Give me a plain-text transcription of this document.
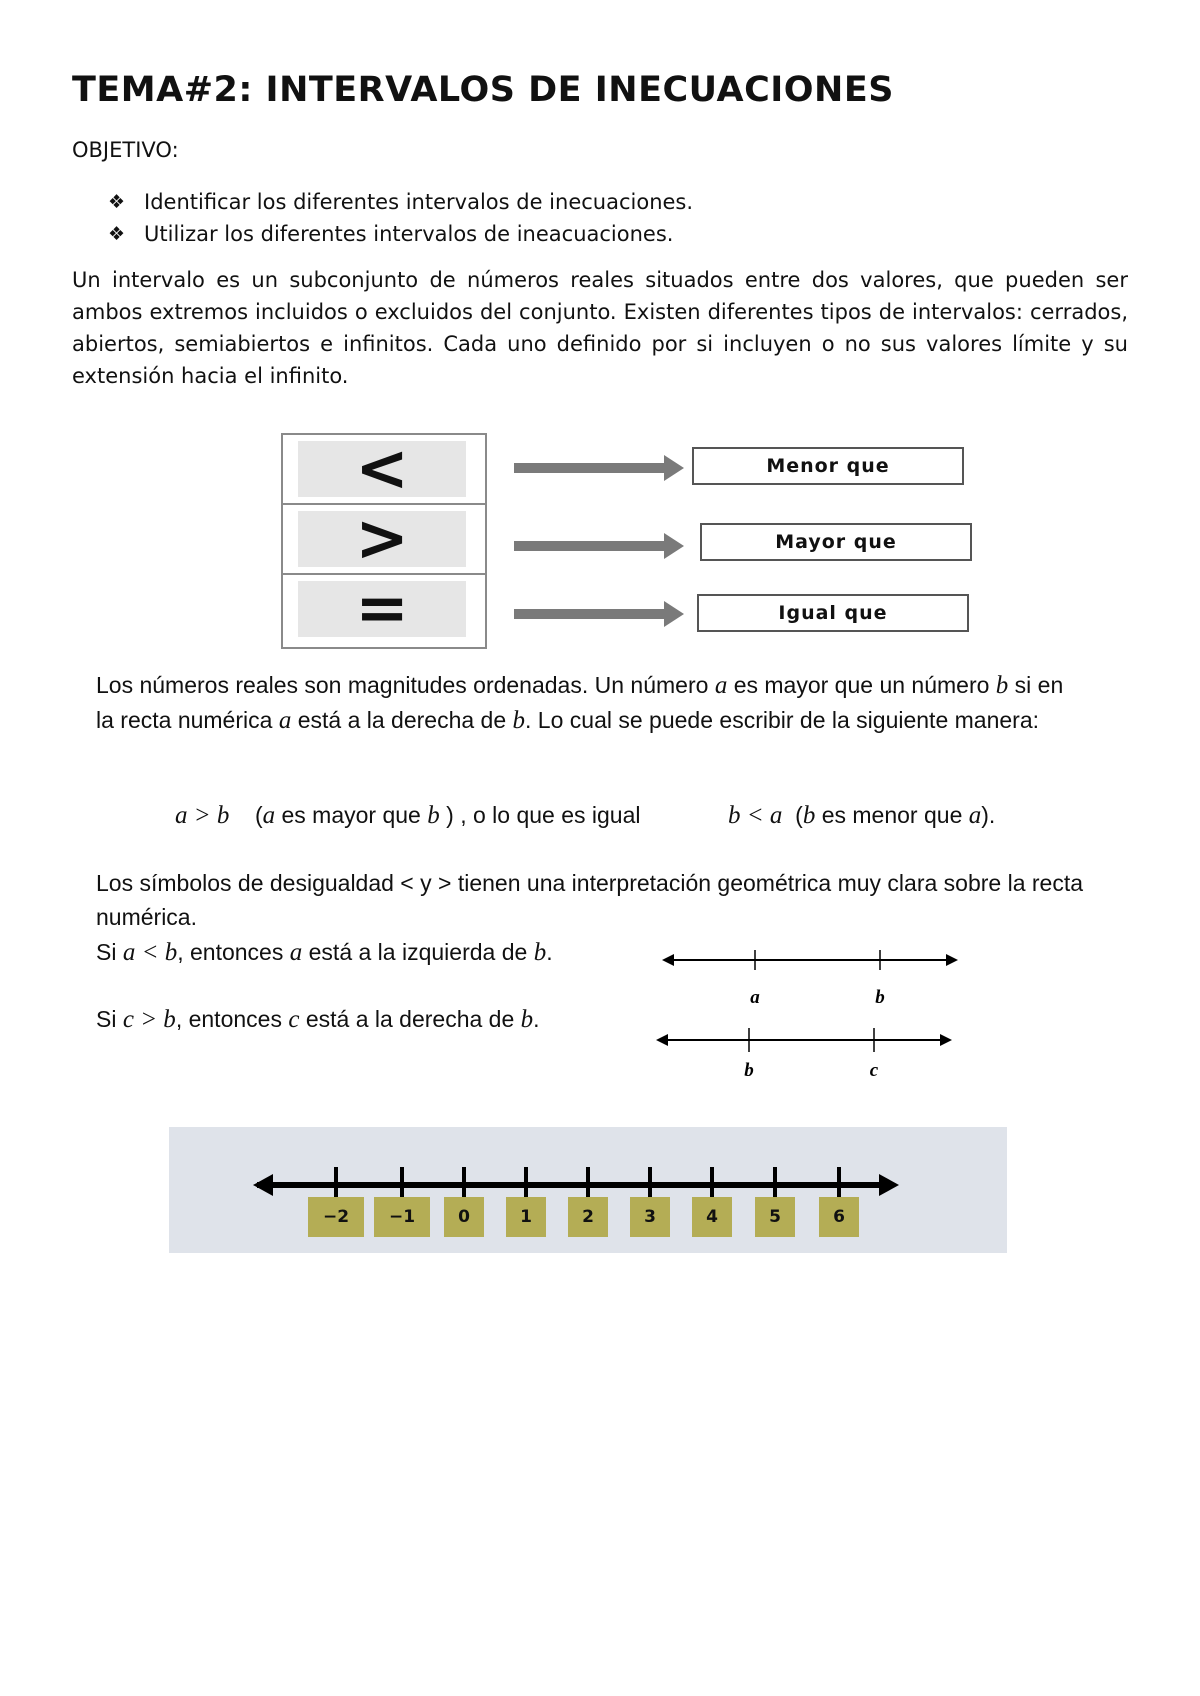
TEMA#2: INTERVALOS DE INECUACIONES
OBJETIVO:
❖ Identificar los diferentes intervalos de inecuaciones.
❖ Utilizar los diferentes intervalos de ineacuaciones.

Un intervalo es un subconjunto de números reales situados entre dos valores, que pueden ser ambos extremos incluidos o excluidos del conjunto. Existen diferentes tipos de intervalos: cerrados, abiertos, semiabiertos e infinitos. Cada uno definido por si incluyen o no sus valores límite y su extensión hacia el infinito.

<
>
=
Menor que
Mayor que
Igual que
Los números reales son magnitudes ordenadas. Un número a es mayor que un número b si en la recta numérica a está a la derecha de b. Lo cual se puede escribir de la siguiente manera:
a > b (a es mayor que b ) , o lo que es igual	b < a (b es menor que a).
Los símbolos de desigualdad < y > tienen una interpretación geométrica muy clara sobre la recta numérica.
Si a < b, entonces a está a la izquierda de b.
Si c > b, entonces c está a la derecha de b.
a	b
b	c
−2	−1	0	1	2	3	4	5	6
